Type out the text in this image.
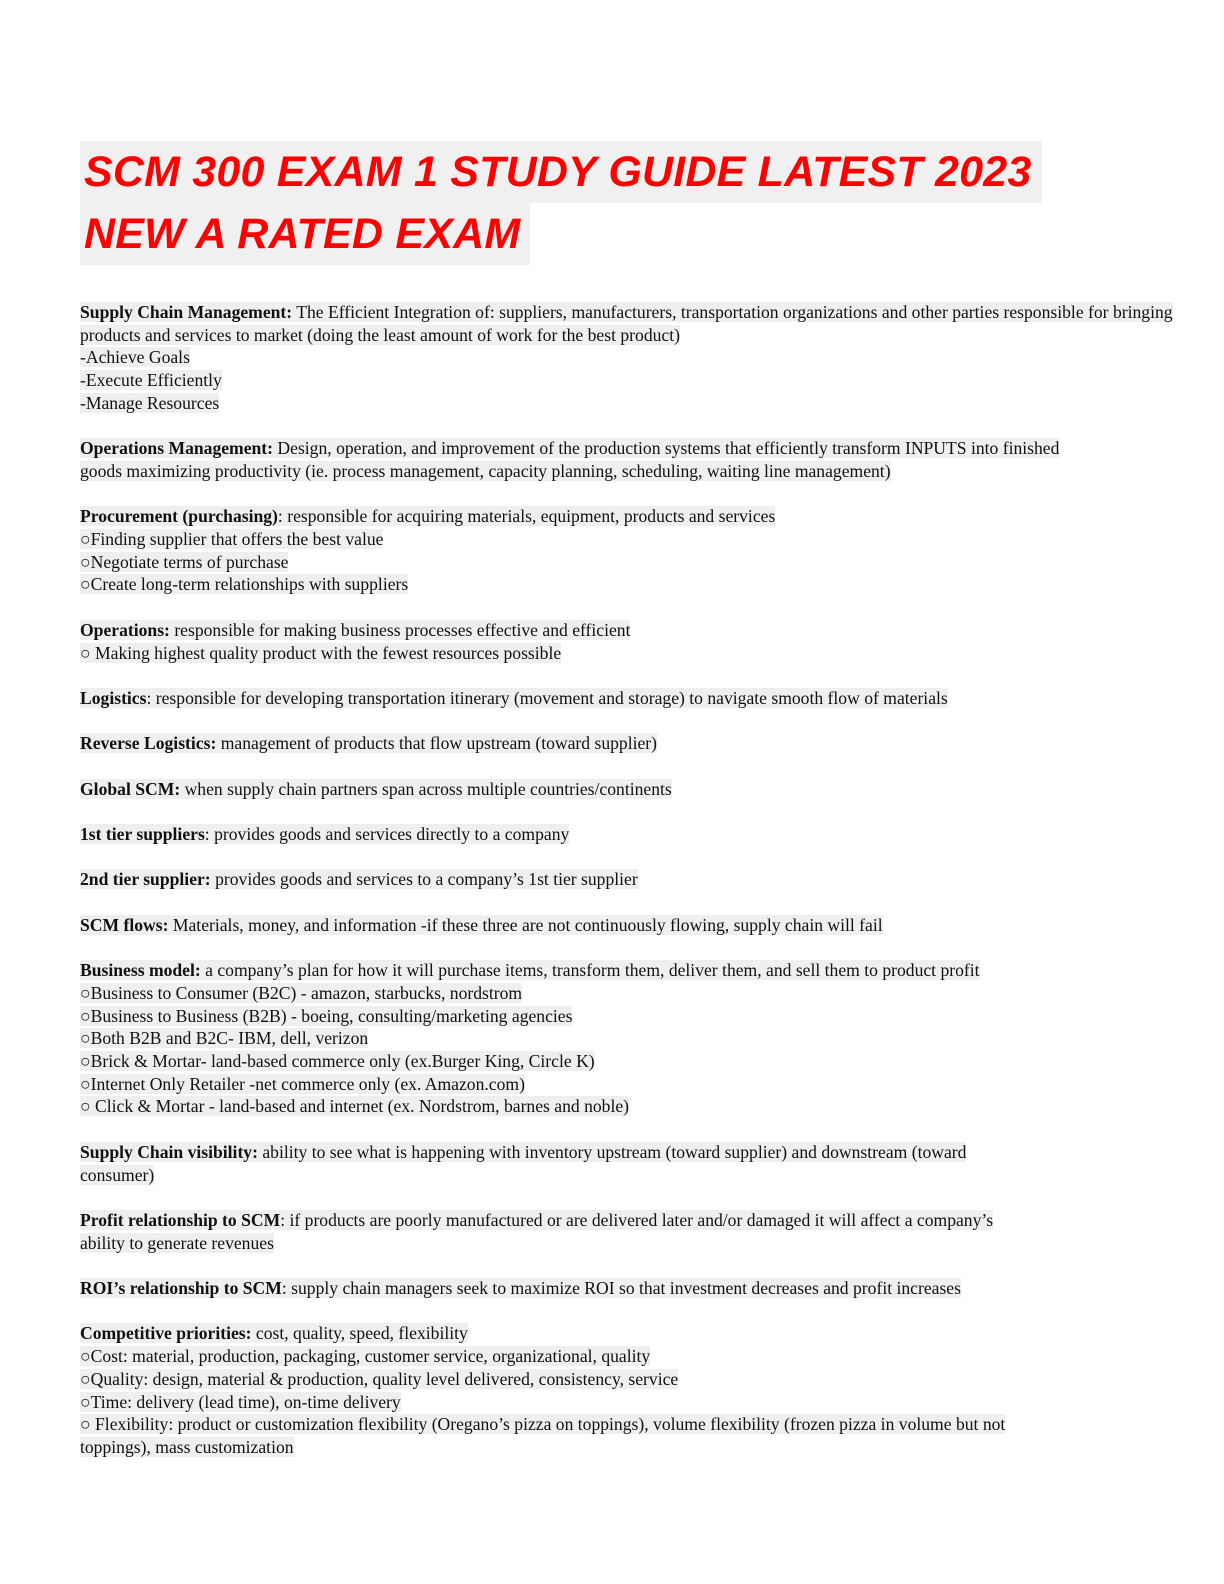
SCM 300 EXAM 1 STUDY GUIDE LATEST 2023
NEW A RATED EXAM
Supply Chain Management: The Efficient Integration of: suppliers, manufacturers, transportation organizations and other parties responsible for bringing products and services to market (doing the least amount of work for the best product)
-Achieve Goals
-Execute Efficiently
-Manage Resources
Operations Management: Design, operation, and improvement of the production systems that efficiently transform INPUTS into finished goods maximizing productivity (ie. process management, capacity planning, scheduling, waiting line management)
Procurement (purchasing): responsible for acquiring materials, equipment, products and services
○Finding supplier that offers the best value
○Negotiate terms of purchase
○Create long-term relationships with suppliers
Operations: responsible for making business processes effective and efficient
○ Making highest quality product with the fewest resources possible
Logistics: responsible for developing transportation itinerary (movement and storage) to navigate smooth flow of materials
Reverse Logistics: management of products that flow upstream (toward supplier)
Global SCM: when supply chain partners span across multiple countries/continents
1st tier suppliers: provides goods and services directly to a company
2nd tier supplier: provides goods and services to a company’s 1st tier supplier
SCM flows: Materials, money, and information -if these three are not continuously flowing, supply chain will fail
Business model: a company’s plan for how it will purchase items, transform them, deliver them, and sell them to product profit
○Business to Consumer (B2C) - amazon, starbucks, nordstrom
○Business to Business (B2B) - boeing, consulting/marketing agencies
○Both B2B and B2C- IBM, dell, verizon
○Brick & Mortar- land-based commerce only (ex.Burger King, Circle K)
○Internet Only Retailer -net commerce only (ex. Amazon.com)
○ Click & Mortar - land-based and internet (ex. Nordstrom, barnes and noble)
Supply Chain visibility: ability to see what is happening with inventory upstream (toward supplier) and downstream (toward consumer)
Profit relationship to SCM: if products are poorly manufactured or are delivered later and/or damaged it will affect a company’s ability to generate revenues
ROI’s relationship to SCM: supply chain managers seek to maximize ROI so that investment decreases and profit increases
Competitive priorities: cost, quality, speed, flexibility
○Cost: material, production, packaging, customer service, organizational, quality
○Quality: design, material & production, quality level delivered, consistency, service
○Time: delivery (lead time), on-time delivery
○ Flexibility: product or customization flexibility (Oregano’s pizza on toppings), volume flexibility (frozen pizza in volume but not toppings), mass customization
